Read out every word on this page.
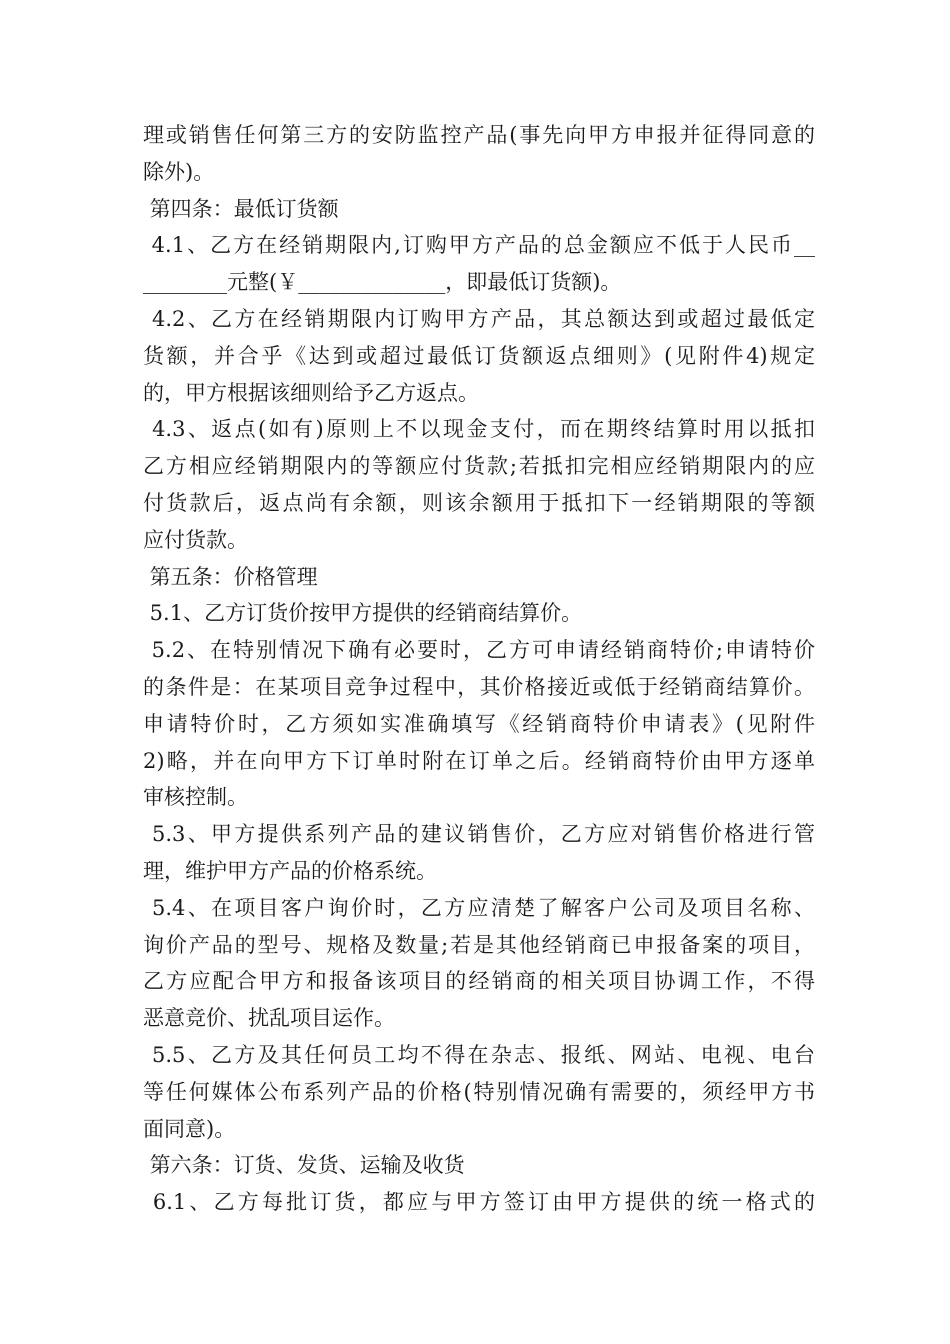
理或销售任何第三方的安防监控产品(事先向甲方申报并征得同意的
除外)。
第四条：最低订货额
4.1、乙方在经销期限内,订购甲方产品的总金额应不低于人民币__
________元整(￥______________，即最低订货额)。
4.2、乙方在经销期限内订购甲方产品，其总额达到或超过最低定
货额，并合乎《达到或超过最低订货额返点细则》(见附件4)规定
的，甲方根据该细则给予乙方返点。
4.3、返点(如有)原则上不以现金支付，而在期终结算时用以抵扣
乙方相应经销期限内的等额应付货款;若抵扣完相应经销期限内的应
付货款后，返点尚有余额，则该余额用于抵扣下一经销期限的等额
应付货款。
第五条：价格管理
5.1、乙方订货价按甲方提供的经销商结算价。
5.2、在特别情况下确有必要时，乙方可申请经销商特价;申请特价
的条件是：在某项目竞争过程中，其价格接近或低于经销商结算价。
申请特价时，乙方须如实准确填写《经销商特价申请表》(见附件
2)略，并在向甲方下订单时附在订单之后。经销商特价由甲方逐单
审核控制。
5.3、甲方提供系列产品的建议销售价，乙方应对销售价格进行管
理，维护甲方产品的价格系统。
5.4、在项目客户询价时，乙方应清楚了解客户公司及项目名称、
询价产品的型号、规格及数量;若是其他经销商已申报备案的项目，
乙方应配合甲方和报备该项目的经销商的相关项目协调工作，不得
恶意竞价、扰乱项目运作。
5.5、乙方及其任何员工均不得在杂志、报纸、网站、电视、电台
等任何媒体公布系列产品的价格(特别情况确有需要的，须经甲方书
面同意)。
第六条：订货、发货、运输及收货
6.1、乙方每批订货，都应与甲方签订由甲方提供的统一格式的
